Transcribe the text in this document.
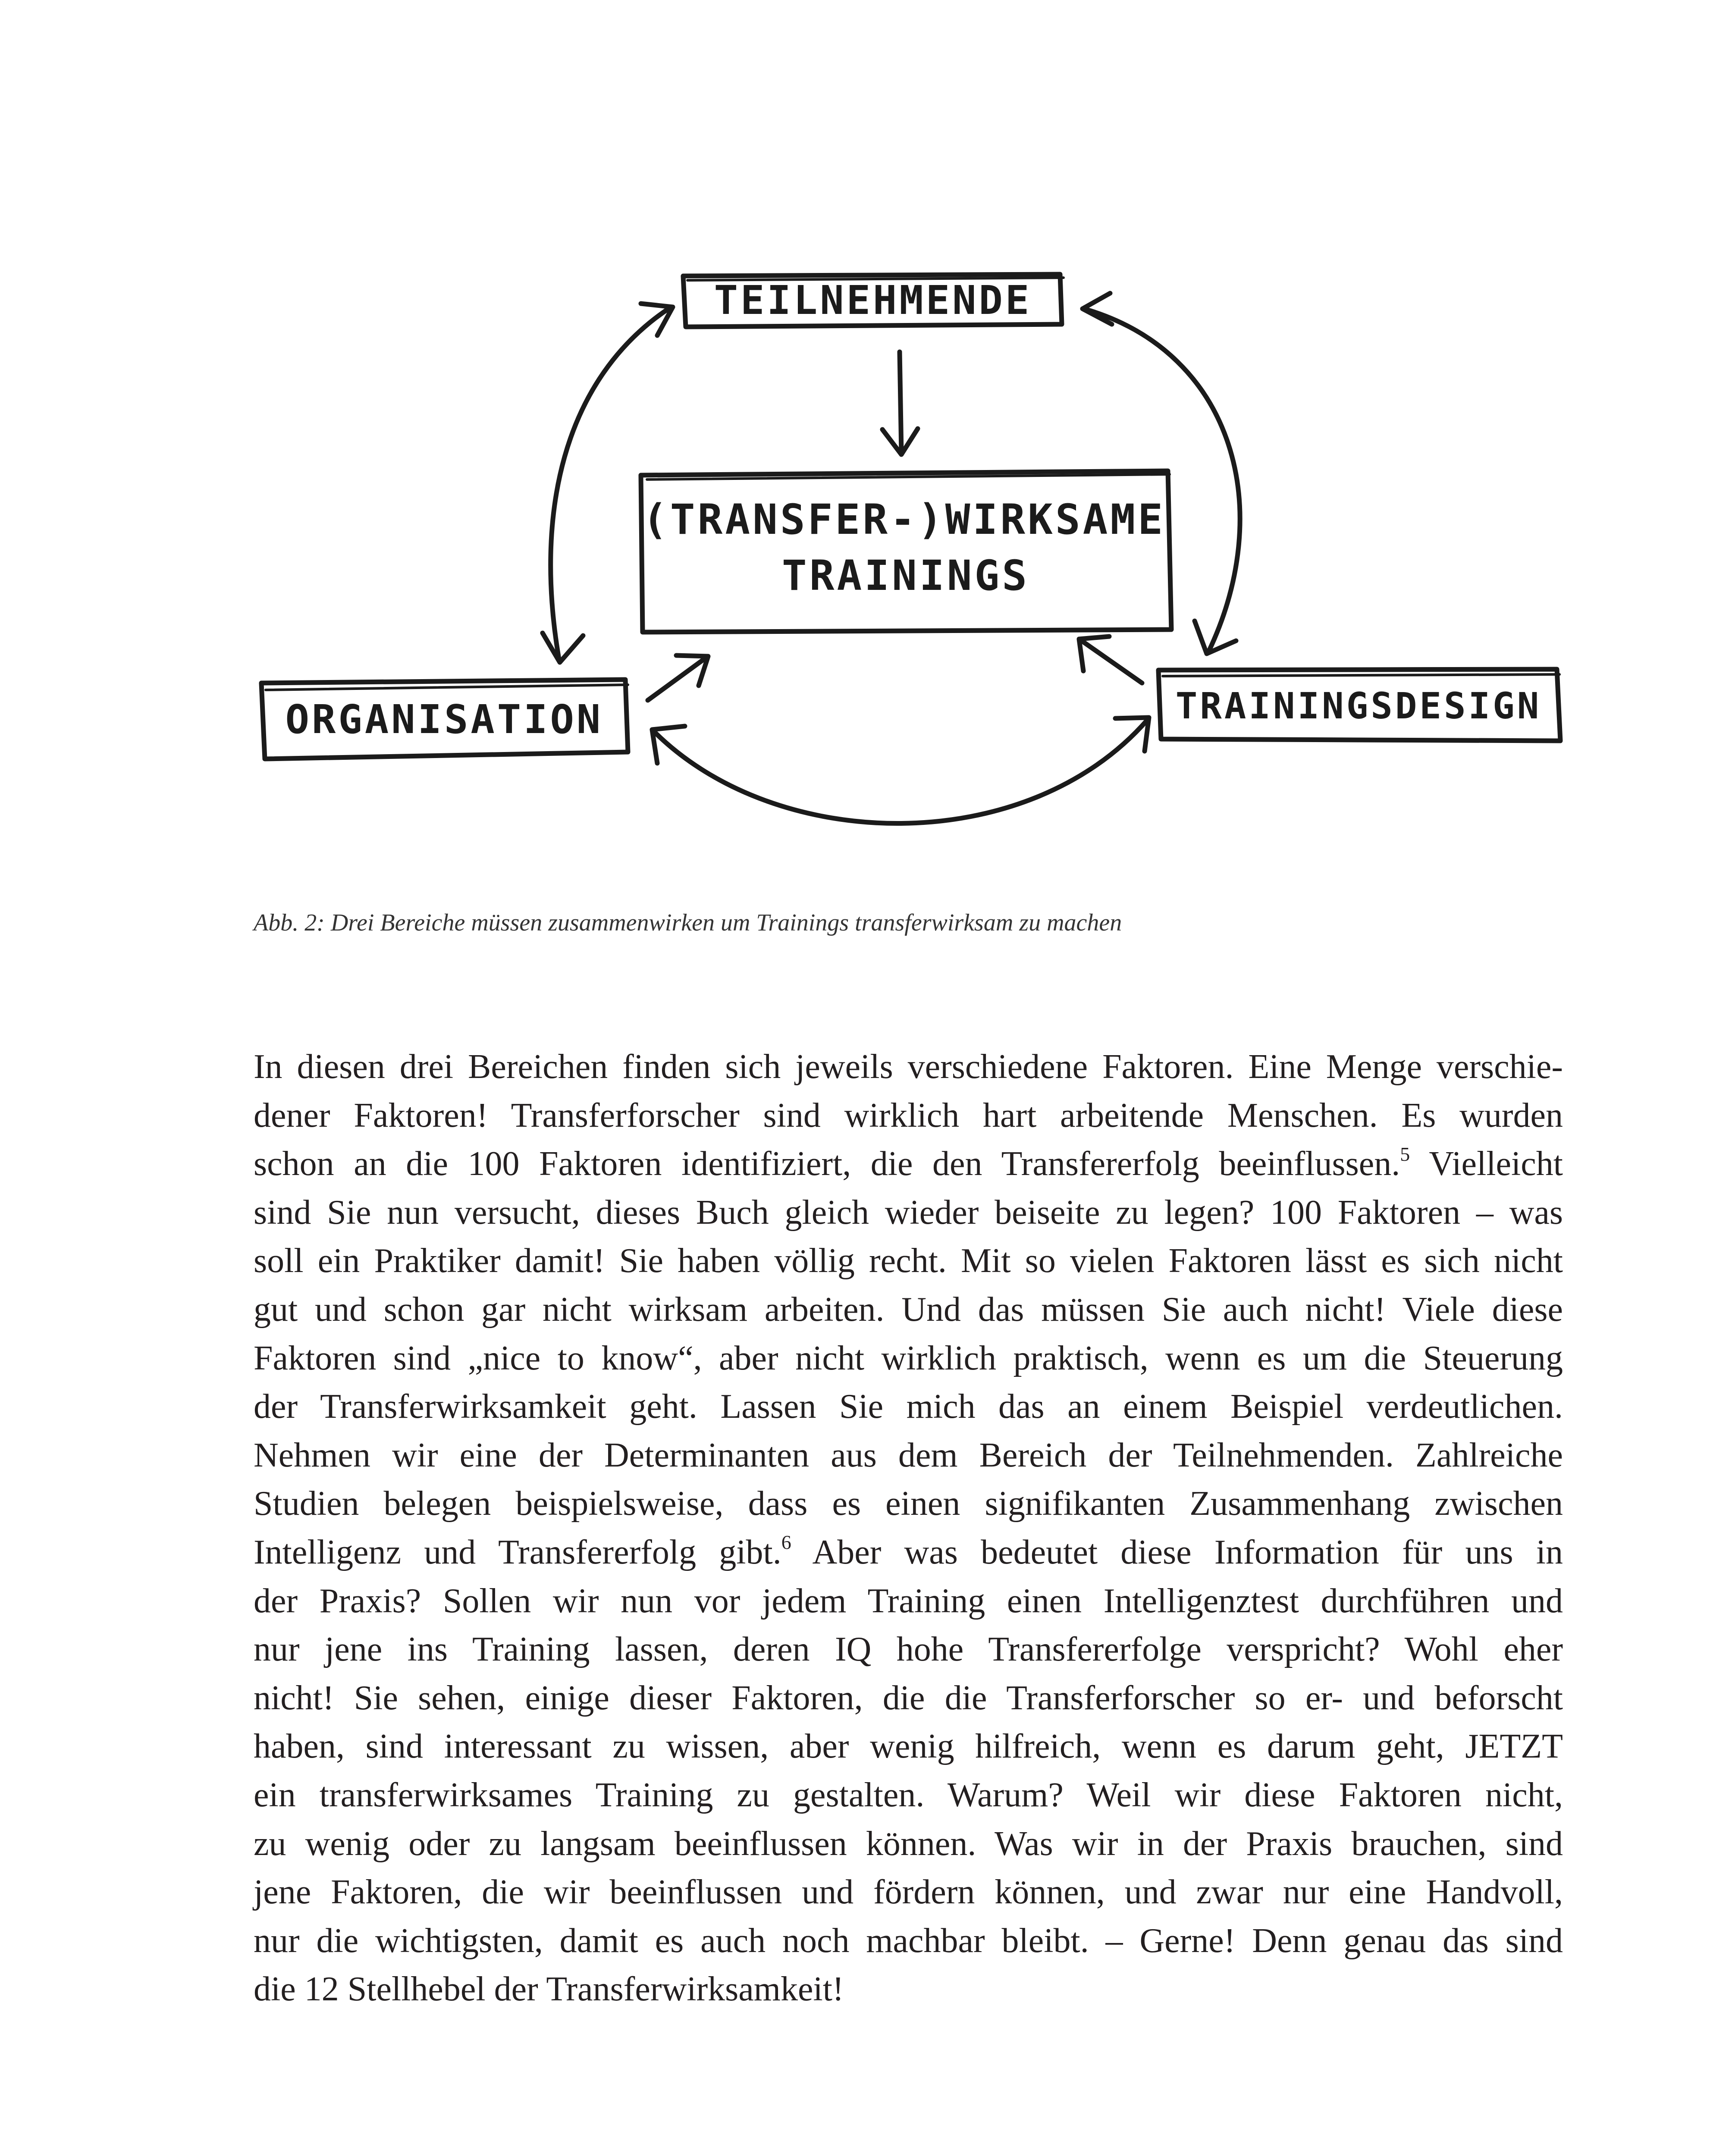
TEILNEHMENDE
(TRANSFER-)WIRKSAME
TRAININGS
ORGANISATION	TRAININGSDESIGN

Abb. 2: Drei Bereiche müssen zusammenwirken um Trainings transferwirksam zu machen

In diesen drei Bereichen finden sich jeweils verschiedene Faktoren. Eine Menge verschie-
dener Faktoren! Transferforscher sind wirklich hart arbeitende Menschen. Es wurden
schon an die 100 Faktoren identifiziert, die den Transfererfolg beeinflussen.$^5$ Vielleicht
sind Sie nun versucht, dieses Buch gleich wieder beiseite zu legen? 100 Faktoren – was
soll ein Praktiker damit! Sie haben völlig recht. Mit so vielen Faktoren lässt es sich nicht
gut und schon gar nicht wirksam arbeiten. Und das müssen Sie auch nicht! Viele diese
Faktoren sind „nice to know“, aber nicht wirklich praktisch, wenn es um die Steuerung
der Transferwirksamkeit geht. Lassen Sie mich das an einem Beispiel verdeutlichen.
Nehmen wir eine der Determinanten aus dem Bereich der Teilnehmenden. Zahlreiche
Studien belegen beispielsweise, dass es einen signifikanten Zusammenhang zwischen
Intelligenz und Transfererfolg gibt.$^6$ Aber was bedeutet diese Information für uns in
der Praxis? Sollen wir nun vor jedem Training einen Intelligenztest durchführen und
nur jene ins Training lassen, deren IQ hohe Transfererfolge verspricht? Wohl eher
nicht! Sie sehen, einige dieser Faktoren, die die Transferforscher so er- und beforscht
haben, sind interessant zu wissen, aber wenig hilfreich, wenn es darum geht, JETZT
ein transferwirksames Training zu gestalten. Warum? Weil wir diese Faktoren nicht,
zu wenig oder zu langsam beeinflussen können. Was wir in der Praxis brauchen, sind
jene Faktoren, die wir beeinflussen und fördern können, und zwar nur eine Handvoll,
nur die wichtigsten, damit es auch noch machbar bleibt. – Gerne! Denn genau das sind
die 12 Stellhebel der Transferwirksamkeit!
